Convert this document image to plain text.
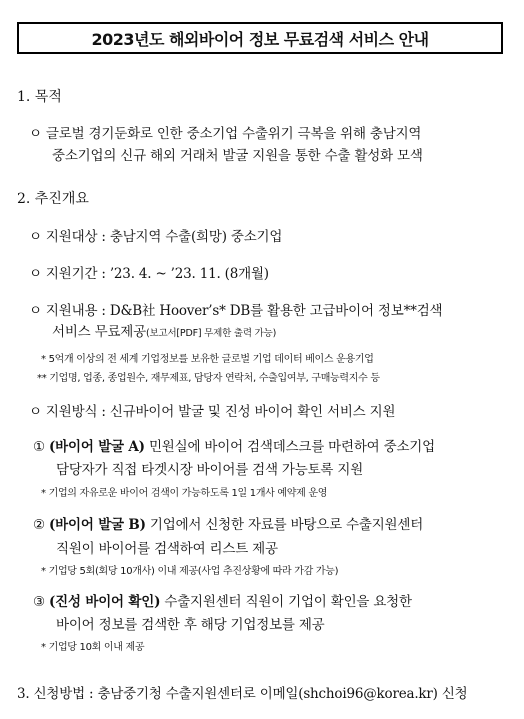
2023년도 해외바이어 정보 무료검색 서비스 안내
1. 목적
ㅇ 글로벌 경기둔화로 인한 중소기업 수출위기 극복을 위해 충남지역
중소기업의 신규 해외 거래처 발굴 지원을 통한 수출 활성화 모색
2. 추진개요
ㅇ 지원대상 : 충남지역 수출(희망) 중소기업
ㅇ 지원기간 : ’23. 4. ~ ’23. 11. (8개월)
ㅇ 지원내용 : D&B社 Hoover’s* DB를 활용한 고급바이어 정보**검색
서비스 무료제공(보고서[PDF] 무제한 출력 가능)
* 5억개 이상의 전 세계 기업정보를 보유한 글로벌 기업 데이터 베이스 운용기업
** 기업명, 업종, 종업원수, 재무제표, 담당자 연락처, 수출입여부, 구매능력지수 등
ㅇ 지원방식 : 신규바이어 발굴 및 진성 바이어 확인 서비스 지원
① (바이어 발굴 A) 민원실에 바이어 검색데스크를 마련하여 중소기업
담당자가 직접 타겟시장 바이어를 검색 가능토록 지원
* 기업의 자유로운 바이어 검색이 가능하도록 1일 1개사 예약제 운영
② (바이어 발굴 B) 기업에서 신청한 자료를 바탕으로 수출지원센터
직원이 바이어를 검색하여 리스트 제공
* 기업당 5회(회당 10개사) 이내 제공(사업 추진상황에 따라 가감 가능)
③ (진성 바이어 확인) 수출지원센터 직원이 기업이 확인을 요청한
바이어 정보를 검색한 후 해당 기업정보를 제공
* 기업당 10회 이내 제공
3. 신청방법 : 충남중기청 수출지원센터로 이메일(shchoi96@korea.kr) 신청
